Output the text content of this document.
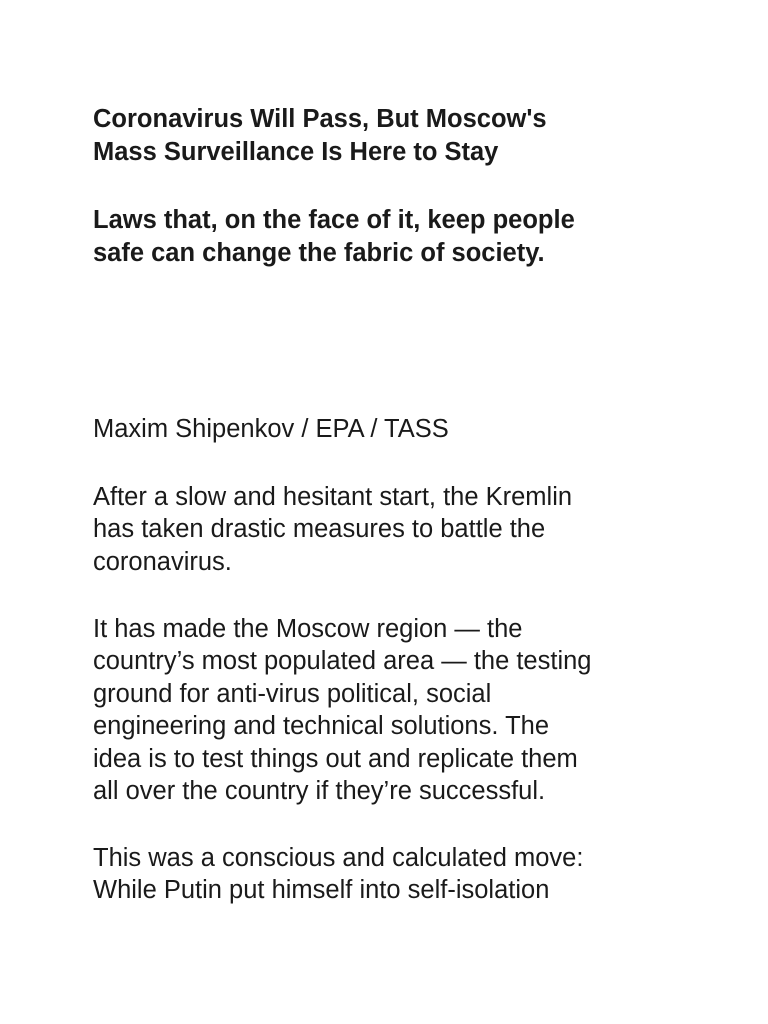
Coronavirus Will Pass, But Moscow's
Mass Surveillance Is Here to Stay
Laws that, on the face of it, keep people
safe can change the fabric of society.

Maxim Shipenkov / EPA / TASS

After a slow and hesitant start, the Kremlin
has taken drastic measures to battle the
coronavirus.
It has made the Moscow region — the
country’s most populated area — the testing
ground for anti-virus political, social
engineering and technical solutions. The
idea is to test things out and replicate them
all over the country if they’re successful.
This was a conscious and calculated move:
While Putin put himself into self-isolation
